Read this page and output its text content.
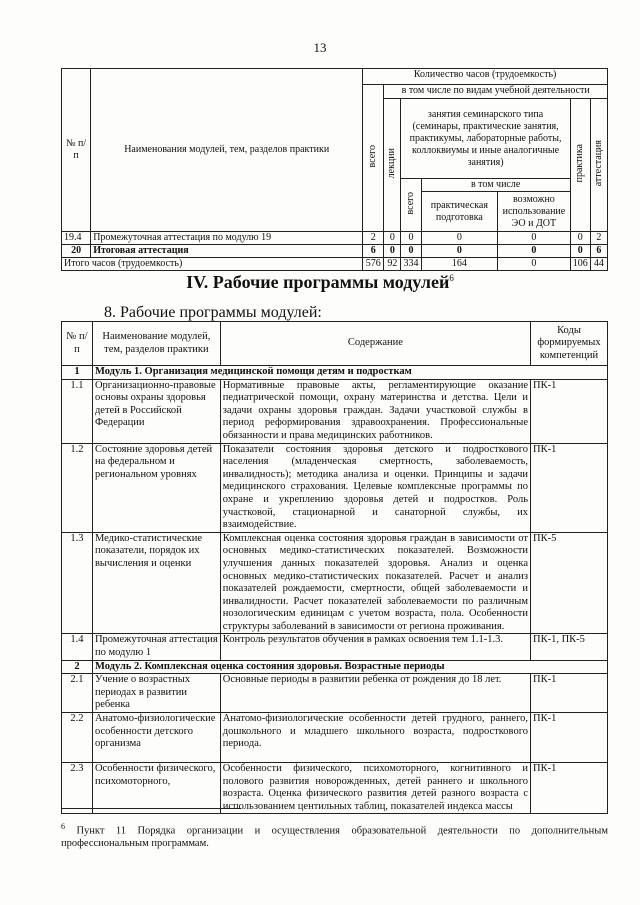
13
№ п/п	Наименования модулей, тем, разделов практики	Количество часов (трудоемкость)						
		всего	в том числе по видам учебной деятельности					
			лекции	занятия семинарского типа (семинары, практические занятия, практикумы, лабораторные работы, коллоквиумы и иные аналогичные занятия)			практика	аттестация
				всего	в том числе			
					практическая подготовка	возможно использование ЭО и ДОТ		
19.4	Промежуточная аттестация по модулю 19	2	0	0	0	0	0	2
20	Итоговая аттестация	6	0	0	0	0	0	6
Итого часов (трудоемкость)		576	92	334	164	0	106	44
IV. Рабочие программы модулей$^6$
8. Рабочие программы модулей:
№ п/п	Наименование модулей, тем, разделов практики	Содержание	Коды формируемых компетенций
1	Модуль 1. Организация медицинской помощи детям и подросткам		
1.1	Организационно-правовые основы охраны здоровья детей в Российской Федерации	Нормативные правовые акты, регламентирующие оказание педиатрической помощи, охрану материнства и детства. Цели и задачи охраны здоровья граждан. Задачи участковой службы в период реформирования здравоохранения. Профессиональные обязанности и права медицинских работников.	ПК-1
1.2	Состояние здоровья детей на федеральном и региональном уровнях	Показатели состояния здоровья детского и подросткового населения (младенческая смертность, заболеваемость, инвалидность); методика анализа и оценки. Принципы и задачи медицинского страхования. Целевые комплексные программы по охране и укреплению здоровья детей и подростков. Роль участковой, стационарной и санаторной службы, их взаимодействие.	ПК-1
1.3	Медико-статистические показатели, порядок их вычисления и оценки	Комплексная оценка состояния здоровья граждан в зависимости от основных медико-статистических показателей. Возможности улучшения данных показателей здоровья. Анализ и оценка основных медико-статистических показателей. Расчет и анализ показателей рождаемости, смертности, общей заболеваемости и инвалидности. Расчет показателей заболеваемости по различным нозологическим единицам с учетом возраста, пола. Особенности структуры заболеваний в зависимости от региона проживания.	ПК-5
1.4	Промежуточная аттестация по модулю 1	Контроль результатов обучения в рамках освоения тем 1.1-1.3.	ПК-1, ПК-5
2	Модуль 2. Комплексная оценка состояния здоровья. Возрастные периоды		
2.1	Учение о возрастных периодах в развитии ребенка	Основные периоды в развитии ребенка от рождения до 18 лет.	ПК-1
2.2	Анатомо-физиологические особенности детского организма	Анатомо-физиологические особенности детей грудного, раннего, дошкольного и младшего школьного возраста, подросткового периода.	ПК-1
2.3	Особенности физического, психомоторного,	Особенности физического, психомоторного, когнитивного и полового развития новорожденных, детей раннего и школьного возраста. Оценка физического развития детей разного возраста с использованием центильных таблиц, показателей индекса массы	ПК-1
$^6$ Пункт 11 Порядка организации и осуществления образовательной деятельности по дополнительным профессиональным программам.
